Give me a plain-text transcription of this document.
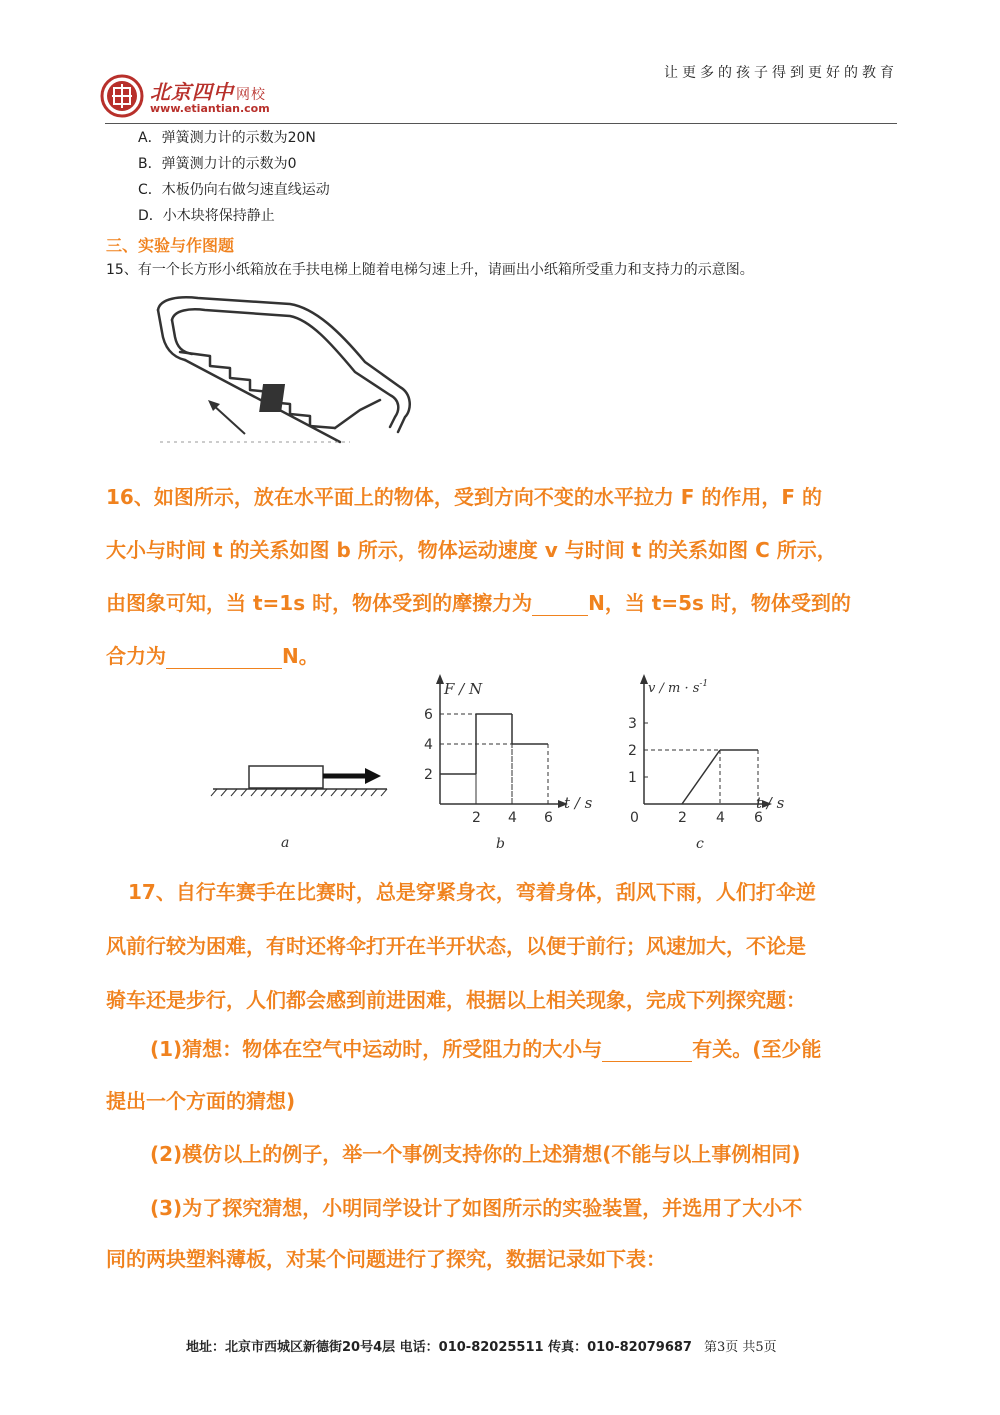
北京四中 网校
www.etiantian.com
让更多的孩子得到更好的教育
A．弹簧测力计的示数为20N
B．弹簧测力计的示数为0
C．木板仍向右做匀速直线运动
D．小木块将保持静止
三、实验与作图题
15、有一个长方形小纸箱放在手扶电梯上随着电梯匀速上升，请画出小纸箱所受重力和支持力的示意图。
16、如图所示，放在水平面上的物体，受到方向不变的水平拉力 F 的作用，F 的
大小与时间 t 的关系如图 b 所示，物体运动速度 v 与时间 t 的关系如图 C 所示，
由图象可知，当 t=1s 时，物体受到的摩擦力为	N，当 t=5s 时，物体受到的
合力为	N。
a
2 4 6
2
4
6
F / N
t / s
b
2 4 6
1
2
3
0
$v / m \cdot s^{-1}$
t / s
c
17、自行车赛手在比赛时，总是穿紧身衣，弯着身体，刮风下雨，人们打伞逆
风前行较为困难，有时还将伞打开在半开状态，以便于前行；风速加大，不论是
骑车还是步行，人们都会感到前进困难，根据以上相关现象，完成下列探究题：
(1)猜想：物体在空气中运动时，所受阻力的大小与	有关。(至少能
提出一个方面的猜想)
(2)模仿以上的例子，举一个事例支持你的上述猜想(不能与以上事例相同)
(3)为了探究猜想，小明同学设计了如图所示的实验装置，并选用了大小不
同的两块塑料薄板，对某个问题进行了探究，数据记录如下表：
地址：北京市西城区新德街20号4层 电话：010-82025511 传真：010-82079687 第3页 共5页
